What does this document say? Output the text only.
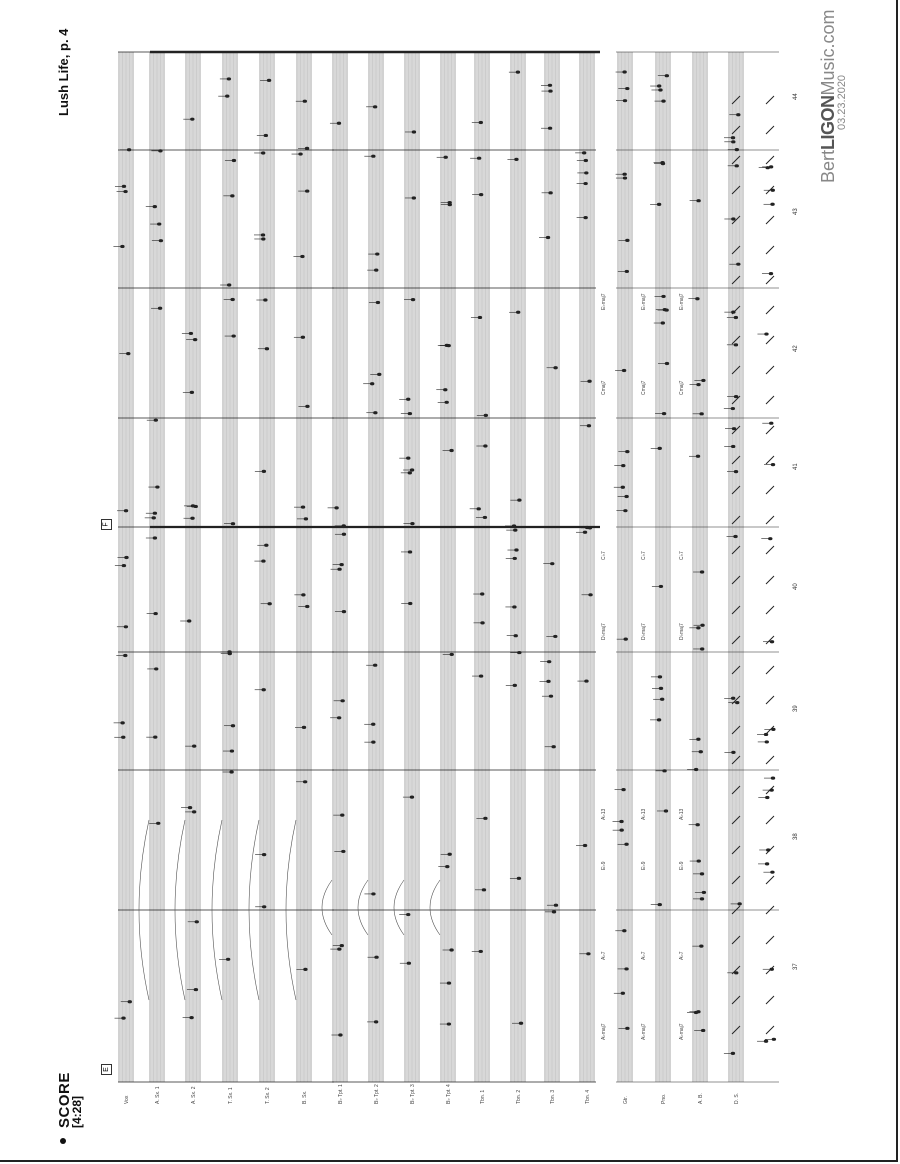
SCORE
[4:28]
Lush Life, p. 4
BertLIGONMusic.com
03.23.2020
E
F
Vox	A. Sx. 1	A. Sx. 2	T. Sx. 1	T. Sx. 2	B. Sx.	B♭ Tpt. 1	B♭ Tpt. 2	B♭ Tpt. 3	B♭ Tpt. 4	Tbn. 1	Tbn. 2	Tbn. 3	Tbn. 4	Gtr.	Pno.	A. B.	D. S.
37
38
39
40
41
42
43
44
A♭maj7
A♭7
E♭9
A♭13
D♭maj7
C♭7
Cmaj7
E♭maj7
A♭maj7
A♭7
E♭9
A♭13
D♭maj7
C♭7
Cmaj7
E♭maj7
A♭maj7
A♭7
E♭9
A♭13
D♭maj7
C♭7
Cmaj7
E♭maj7
